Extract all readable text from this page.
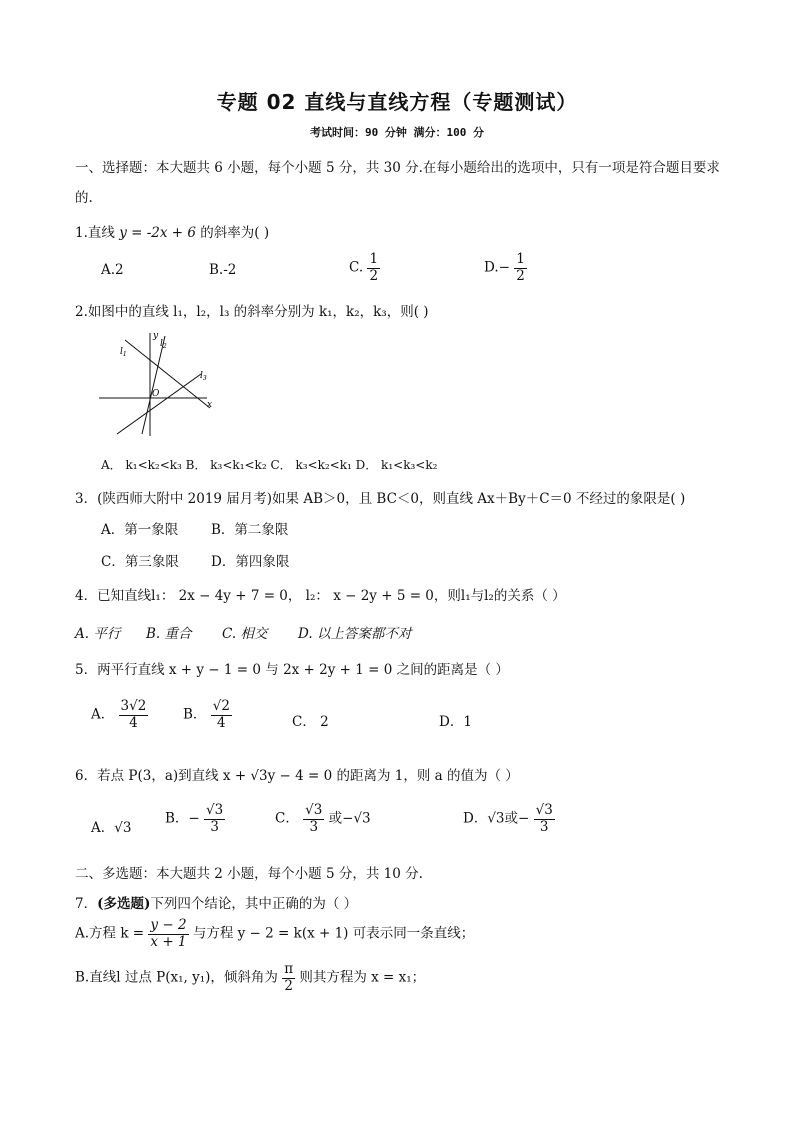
专题 02 直线与直线方程（专题测试）
考试时间：90 分钟 满分：100 分
一、选择题：本大题共 6 小题，每个小题 5 分，共 30 分.在每小题给出的选项中，只有一项是符合题目要求
的.
1.直线 y = -2x + 6 的斜率为( )
A.2	B.-2	C. $\frac{1}{2}$	$D.- \frac{1}{2}$
2.如图中的直线 l₁，l₂，l₃ 的斜率分别为 k₁，k₂，k₃，则( )
$l_1$
$l_2$
$l_3$
y
x
O
A． k₁<k₂<k₃ B． k₃<k₁<k₂ C． k₃<k₂<k₁ D． k₁<k₃<k₂
3．(陕西师大附中 2019 届月考)如果 AB＞0，且 BC＜0，则直线 Ax＋By＋C＝0 不经过的象限是( )
A．第一象限 B．第二象限
C．第三象限 D．第四象限
4．已知直线l₁： 2x − 4y + 7 = 0， l₂： x − 2y + 5 = 0，则l₁与l₂的关系（ ）
A. 平行 B. 重合 C. 相交 D. 以上答案都不对
5．两平行直线 x + y − 1 = 0 与 2x + 2y + 1 = 0 之间的距离是（ ）
A． $\frac{3√2}{4}$	B． $\frac{√2}{4}$	C． 2	D．1
6．若点 P(3，a)到直线 x + √3y − 4 = 0 的距离为 1，则 a 的值为（ ）
A．√3
B．− $\frac{√3}{3}$	C． $\frac{√3}{3}$ 或−√3	D．√3或− $\frac{√3}{3}$
二、多选题：本大题共 2 小题，每个小题 5 分，共 10 分.
7．(多选题)下列四个结论，其中正确的为（ ）
A.方程 $k = \frac{y - 2}{x + 1}$ 与方程 y − 2 = k(x + 1) 可表示同一条直线；
B.直线l 过点 P(x₁, y₁)，倾斜角为 $\frac{\pi}{2}$ 则其方程为 x = x₁；
